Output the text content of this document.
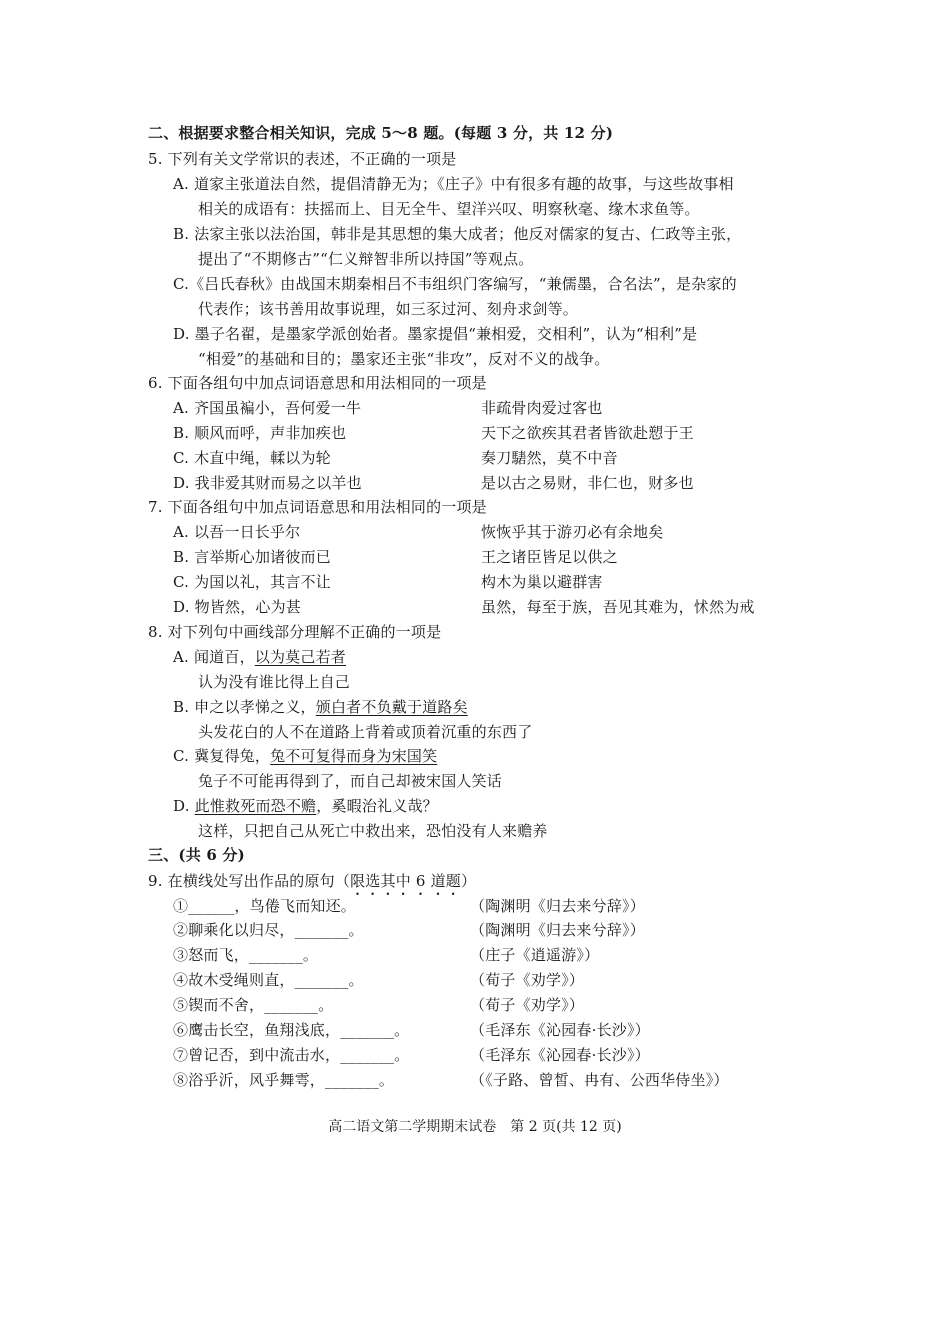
二、根据要求整合相关知识，完成 5～8 题。(每题 3 分，共 12 分)
5. 下列有关文学常识的表述，不正确的一项是
A. 道家主张道法自然，提倡清静无为；《庄子》中有很多有趣的故事，与这些故事相
相关的成语有：扶摇而上、目无全牛、望洋兴叹、明察秋毫、缘木求鱼等。
B. 法家主张以法治国，韩非是其思想的集大成者；他反对儒家的复古、仁政等主张，
提出了“不期修古”“仁义辩智非所以持国”等观点。
C.《吕氏春秋》由战国末期秦相吕不韦组织门客编写，“兼儒墨，合名法”，是杂家的
代表作；该书善用故事说理，如三豕过河、刻舟求剑等。
D. 墨子名翟，是墨家学派创始者。墨家提倡“兼相爱，交相利”，认为“相利”是
“相爱”的基础和目的；墨家还主张“非攻”，反对不义的战争。
6. 下面各组句中加点词语意思和用法相同的一项是
A. 齐国虽褊小，吾何爱一牛	非疏骨肉爱过客也
B. 顺风而呼，声非加疾也	天下之欲疾其君者皆欲赴愬于王
C. 木直中绳，輮以为轮	奏刀騞然，莫不中音
D. 我非爱其财而易之以羊也	是以古之易财，非仁也，财多也
7. 下面各组句中加点词语意思和用法相同的一项是
A. 以吾一日长乎尔	恢恢乎其于游刃必有余地矣
B. 言举斯心加诸彼而已	王之诸臣皆足以供之
C. 为国以礼，其言不让	构木为巢以避群害
D. 物皆然，心为甚	虽然，每至于族，吾见其难为，怵然为戒
8. 对下列句中画线部分理解不正确的一项是
A. 闻道百，以为莫己若者
认为没有谁比得上自己
B. 申之以孝悌之义，颁白者不负戴于道路矣
头发花白的人不在道路上背着或顶着沉重的东西了
C. 冀复得兔，兔不可复得而身为宋国笑
兔子不可能再得到了，而自己却被宋国人笑话
D. 此惟救死而恐不赡，奚暇治礼义哉？
这样，只把自己从死亡中救出来，恐怕没有人来赡养
三、(共 6 分)
9. 在横线处写出作品的原句（限选其中 6 道题）
①______，鸟倦飞而知还。	（陶渊明《归去来兮辞》）
②聊乘化以归尽，_______。	（陶渊明《归去来兮辞》）
③怒而飞，_______。	（庄子《逍遥游》）
④故木受绳则直，_______。	（荀子《劝学》）
⑤锲而不舍，_______。	（荀子《劝学》）
⑥鹰击长空，鱼翔浅底，_______。	（毛泽东《沁园春·长沙》）
⑦曾记否，到中流击水，_______。	（毛泽东《沁园春·长沙》）
⑧浴乎沂，风乎舞雩，_______。	（《子路、曾皙、冉有、公西华侍坐》）
高二语文第二学期期末试卷　第 2 页(共 12 页)
